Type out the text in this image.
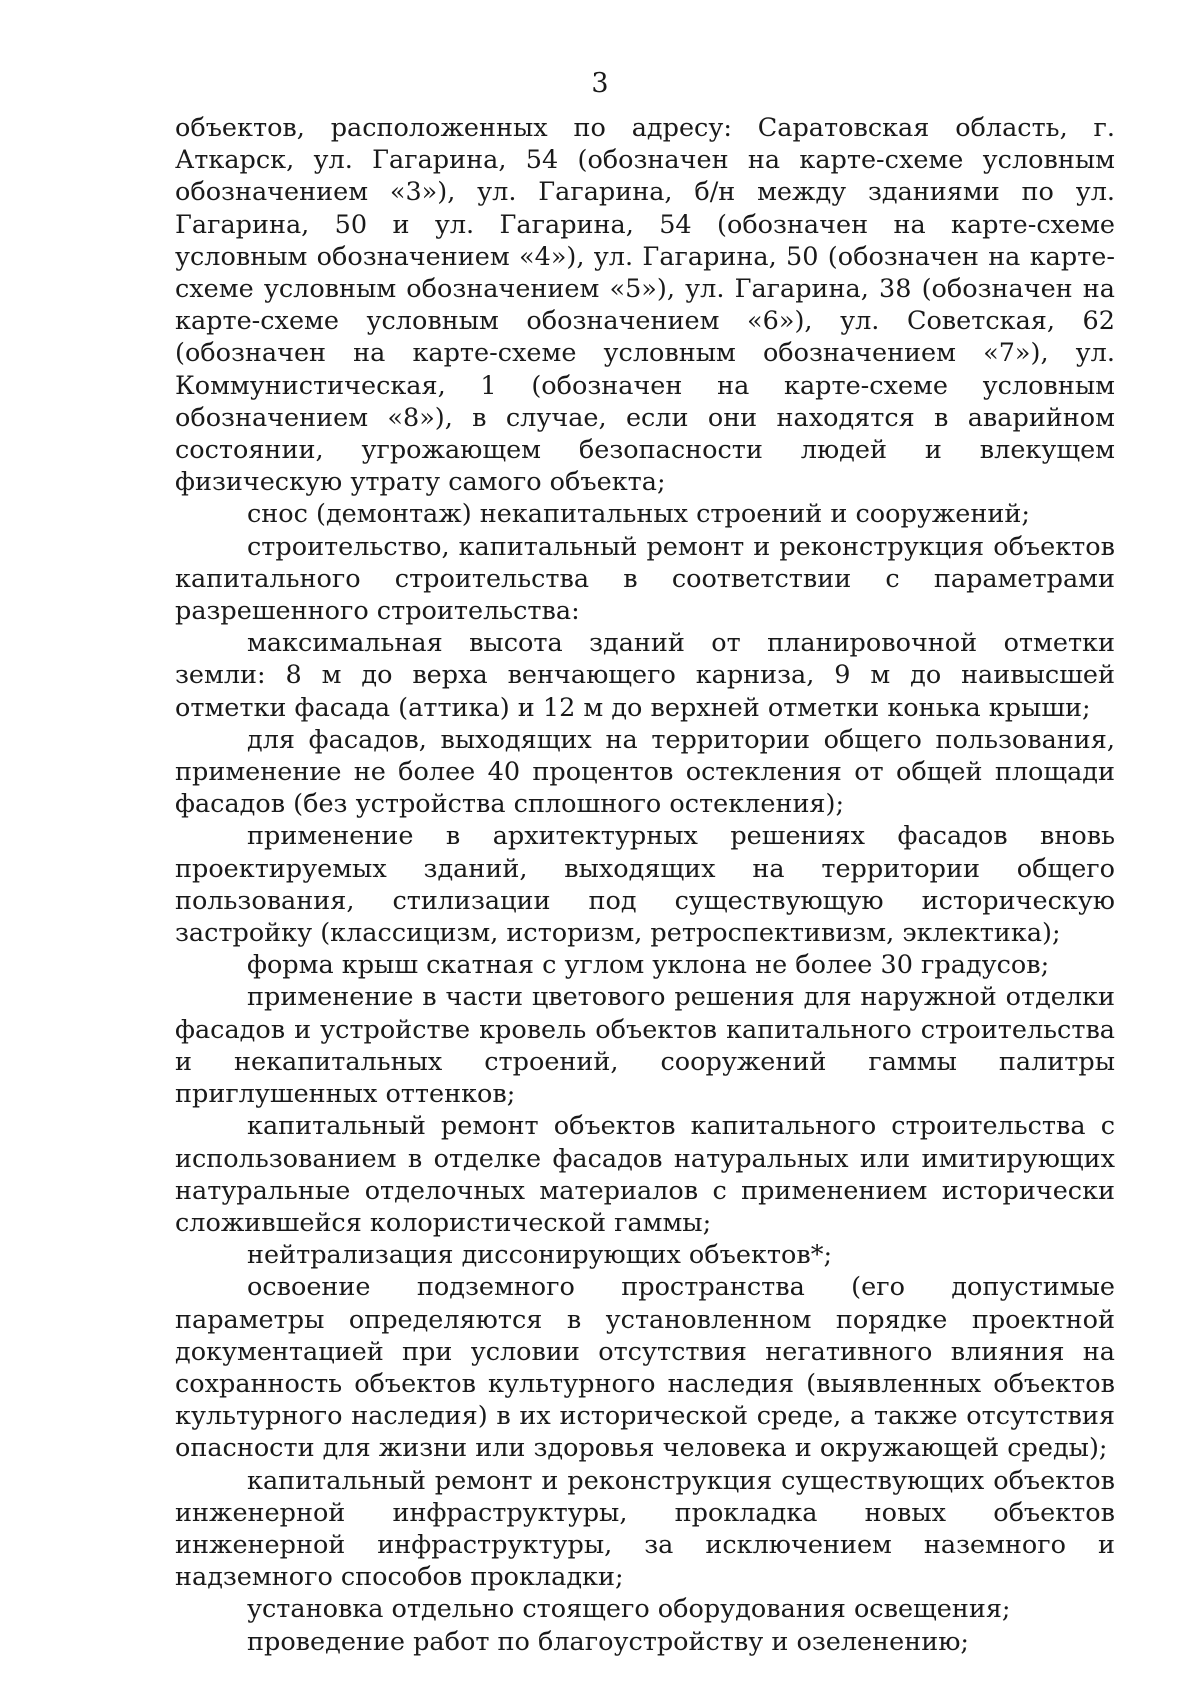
3

объектов, расположенных по адресу: Саратовская область, г. Аткарск, ул. Гагарина, 54 (обозначен на карте-схеме условным обозначением «3»), ул. Гагарина, б/н между зданиями по ул. Гагарина, 50 и ул. Гагарина, 54 (обозначен на карте-схеме условным обозначением «4»), ул. Гагарина, 50 (обозначен на карте-схеме условным обозначением «5»), ул. Гагарина, 38 (обозначен на карте-схеме условным обозначением «6»), ул. Советская, 62 (обозначен на карте-схеме условным обозначением «7»), ул. Коммунистическая, 1 (обозначен на карте-схеме условным обозначением «8»), в случае, если они находятся в аварийном состоянии, угрожающем безопасности людей и влекущем физическую утрату самого объекта;

снос (демонтаж) некапитальных строений и сооружений;

строительство, капитальный ремонт и реконструкция объектов капитального строительства в соответствии с параметрами разрешенного строительства:

максимальная высота зданий от планировочной отметки земли: 8 м до верха венчающего карниза, 9 м до наивысшей отметки фасада (аттика) и 12 м до верхней отметки конька крыши;

для фасадов, выходящих на территории общего пользования, применение не более 40 процентов остекления от общей площади фасадов (без устройства сплошного остекления);

применение в архитектурных решениях фасадов вновь проектируемых зданий, выходящих на территории общего пользования, стилизации под существующую историческую застройку (классицизм, историзм, ретроспективизм, эклектика);

форма крыш скатная с углом уклона не более 30 градусов;

применение в части цветового решения для наружной отделки фасадов и устройстве кровель объектов капитального строительства и некапитальных строений, сооружений гаммы палитры приглушенных оттенков;

капитальный ремонт объектов капитального строительства с использованием в отделке фасадов натуральных или имитирующих натуральные отделочных материалов с применением исторически сложившейся колористической гаммы;

нейтрализация диссонирующих объектов*;

освоение подземного пространства (его допустимые параметры определяются в установленном порядке проектной документацией при условии отсутствия негативного влияния на сохранность объектов культурного наследия (выявленных объектов культурного наследия) в их исторической среде, а также отсутствия опасности для жизни или здоровья человека и окружающей среды);

капитальный ремонт и реконструкция существующих объектов инженерной инфраструктуры, прокладка новых объектов инженерной инфраструктуры, за исключением наземного и надземного способов прокладки;

установка отдельно стоящего оборудования освещения;

проведение работ по благоустройству и озеленению;
